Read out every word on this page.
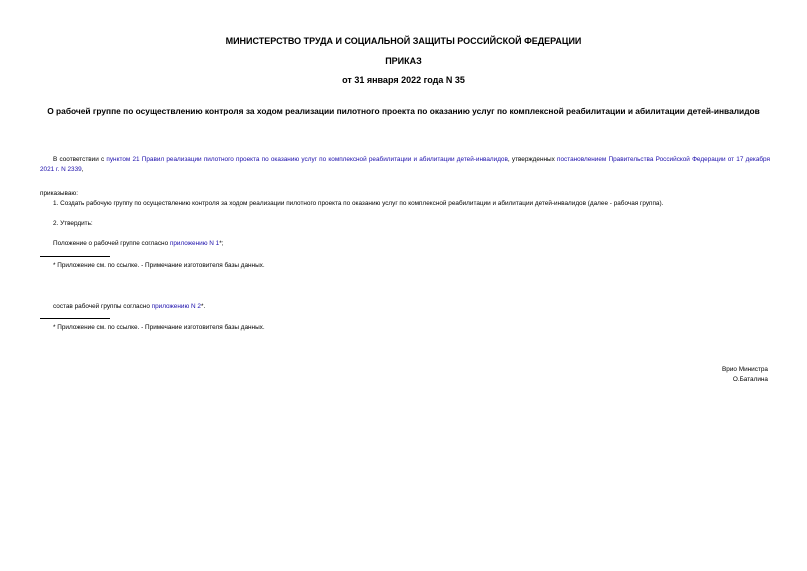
МИНИСТЕРСТВО ТРУДА И СОЦИАЛЬНОЙ ЗАЩИТЫ РОССИЙСКОЙ ФЕДЕРАЦИИ
ПРИКАЗ
от 31 января 2022 года N 35
О рабочей группе по осуществлению контроля за ходом реализации пилотного проекта по оказанию услуг по комплексной реабилитации и абилитации детей-инвалидов
В соответствии с пунктом 21 Правил реализации пилотного проекта по оказанию услуг по комплексной реабилитации и абилитации детей-инвалидов, утвержденных постановлением Правительства Российской Федерации от 17 декабря 2021 г. N 2339,
приказываю:
1. Создать рабочую группу по осуществлению контроля за ходом реализации пилотного проекта по оказанию услуг по комплексной реабилитации и абилитации детей-инвалидов (далее - рабочая группа).
2. Утвердить:
Положение о рабочей группе согласно приложению N 1*;
* Приложение см. по ссылке. - Примечание изготовителя базы данных.
состав рабочей группы согласно приложению N 2*.
* Приложение см. по ссылке. - Примечание изготовителя базы данных.
Врио Министра
О.Баталина
